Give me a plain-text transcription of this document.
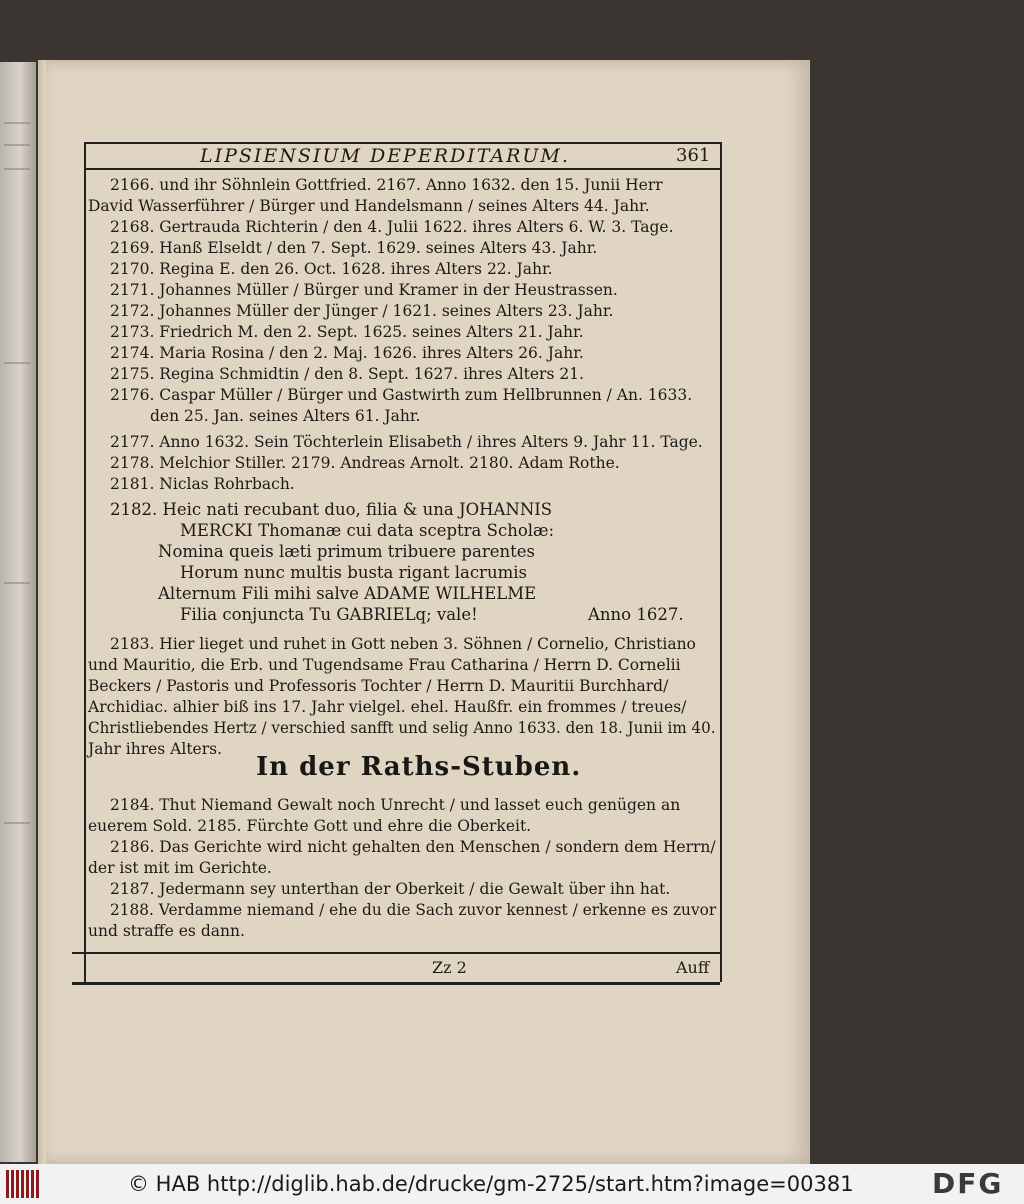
LIPSIENSIUM DEPERDITARUM.	361
2166. und ihr Söhnlein Gottfried. 2167. Anno 1632. den 15. Junii Herr
David Wasserführer / Bürger und Handelsmann / seines Alters 44. Jahr.
2168. Gertrauda Richterin / den 4. Julii 1622. ihres Alters 6. W. 3. Tage.
2169. Hanß Elseldt / den 7. Sept. 1629. seines Alters 43. Jahr.
2170. Regina E. den 26. Oct. 1628. ihres Alters 22. Jahr.
2171. Johannes Müller / Bürger und Kramer in der Heustrassen.
2172. Johannes Müller der Jünger / 1621. seines Alters 23. Jahr.
2173. Friedrich M. den 2. Sept. 1625. seines Alters 21. Jahr.
2174. Maria Rosina / den 2. Maj. 1626. ihres Alters 26. Jahr.
2175. Regina Schmidtin / den 8. Sept. 1627. ihres Alters 21.
2176. Caspar Müller / Bürger und Gastwirth zum Hellbrunnen / An. 1633.
den 25. Jan. seines Alters 61. Jahr.
2177. Anno 1632. Sein Töchterlein Elisabeth / ihres Alters 9. Jahr 11. Tage.
2178. Melchior Stiller. 2179. Andreas Arnolt. 2180. Adam Rothe.
2181. Niclas Rohrbach.
2182. Heic nati recubant duo, filia & una JOHANNIS
MERCKI Thomanæ cui data sceptra Scholæ:
Nomina queis læti primum tribuere parentes
Horum nunc multis busta rigant lacrumis
Alternum Fili mihi salve ADAME WILHELME
Filia conjuncta Tu GABRIELq; vale!	Anno 1627.
2183. Hier lieget und ruhet in Gott neben 3. Söhnen / Cornelio, Christiano
und Mauritio, die Erb. und Tugendsame Frau Catharina / Herrn D. Cornelii
Beckers / Pastoris und Professoris Tochter / Herrn D. Mauritii Burchhard/
Archidiac. alhier biß ins 17. Jahr vielgel. ehel. Haußfr. ein frommes / treues/
Christliebendes Hertz / verschied sanfft und selig Anno 1633. den 18. Junii im 40.
Jahr ihres Alters.
In der Raths-Stuben.
2184. Thut Niemand Gewalt noch Unrecht / und lasset euch genügen an
euerem Sold. 2185. Fürchte Gott und ehre die Oberkeit.
2186. Das Gerichte wird nicht gehalten den Menschen / sondern dem Herrn/
der ist mit im Gerichte.
2187. Jedermann sey unterthan der Oberkeit / die Gewalt über ihn hat.
2188. Verdamme niemand / ehe du die Sach zuvor kennest / erkenne es zuvor
und straffe es dann.
Zz 2	Auff
© HAB http://diglib.hab.de/drucke/gm-2725/start.htm?image=00381	DFG
